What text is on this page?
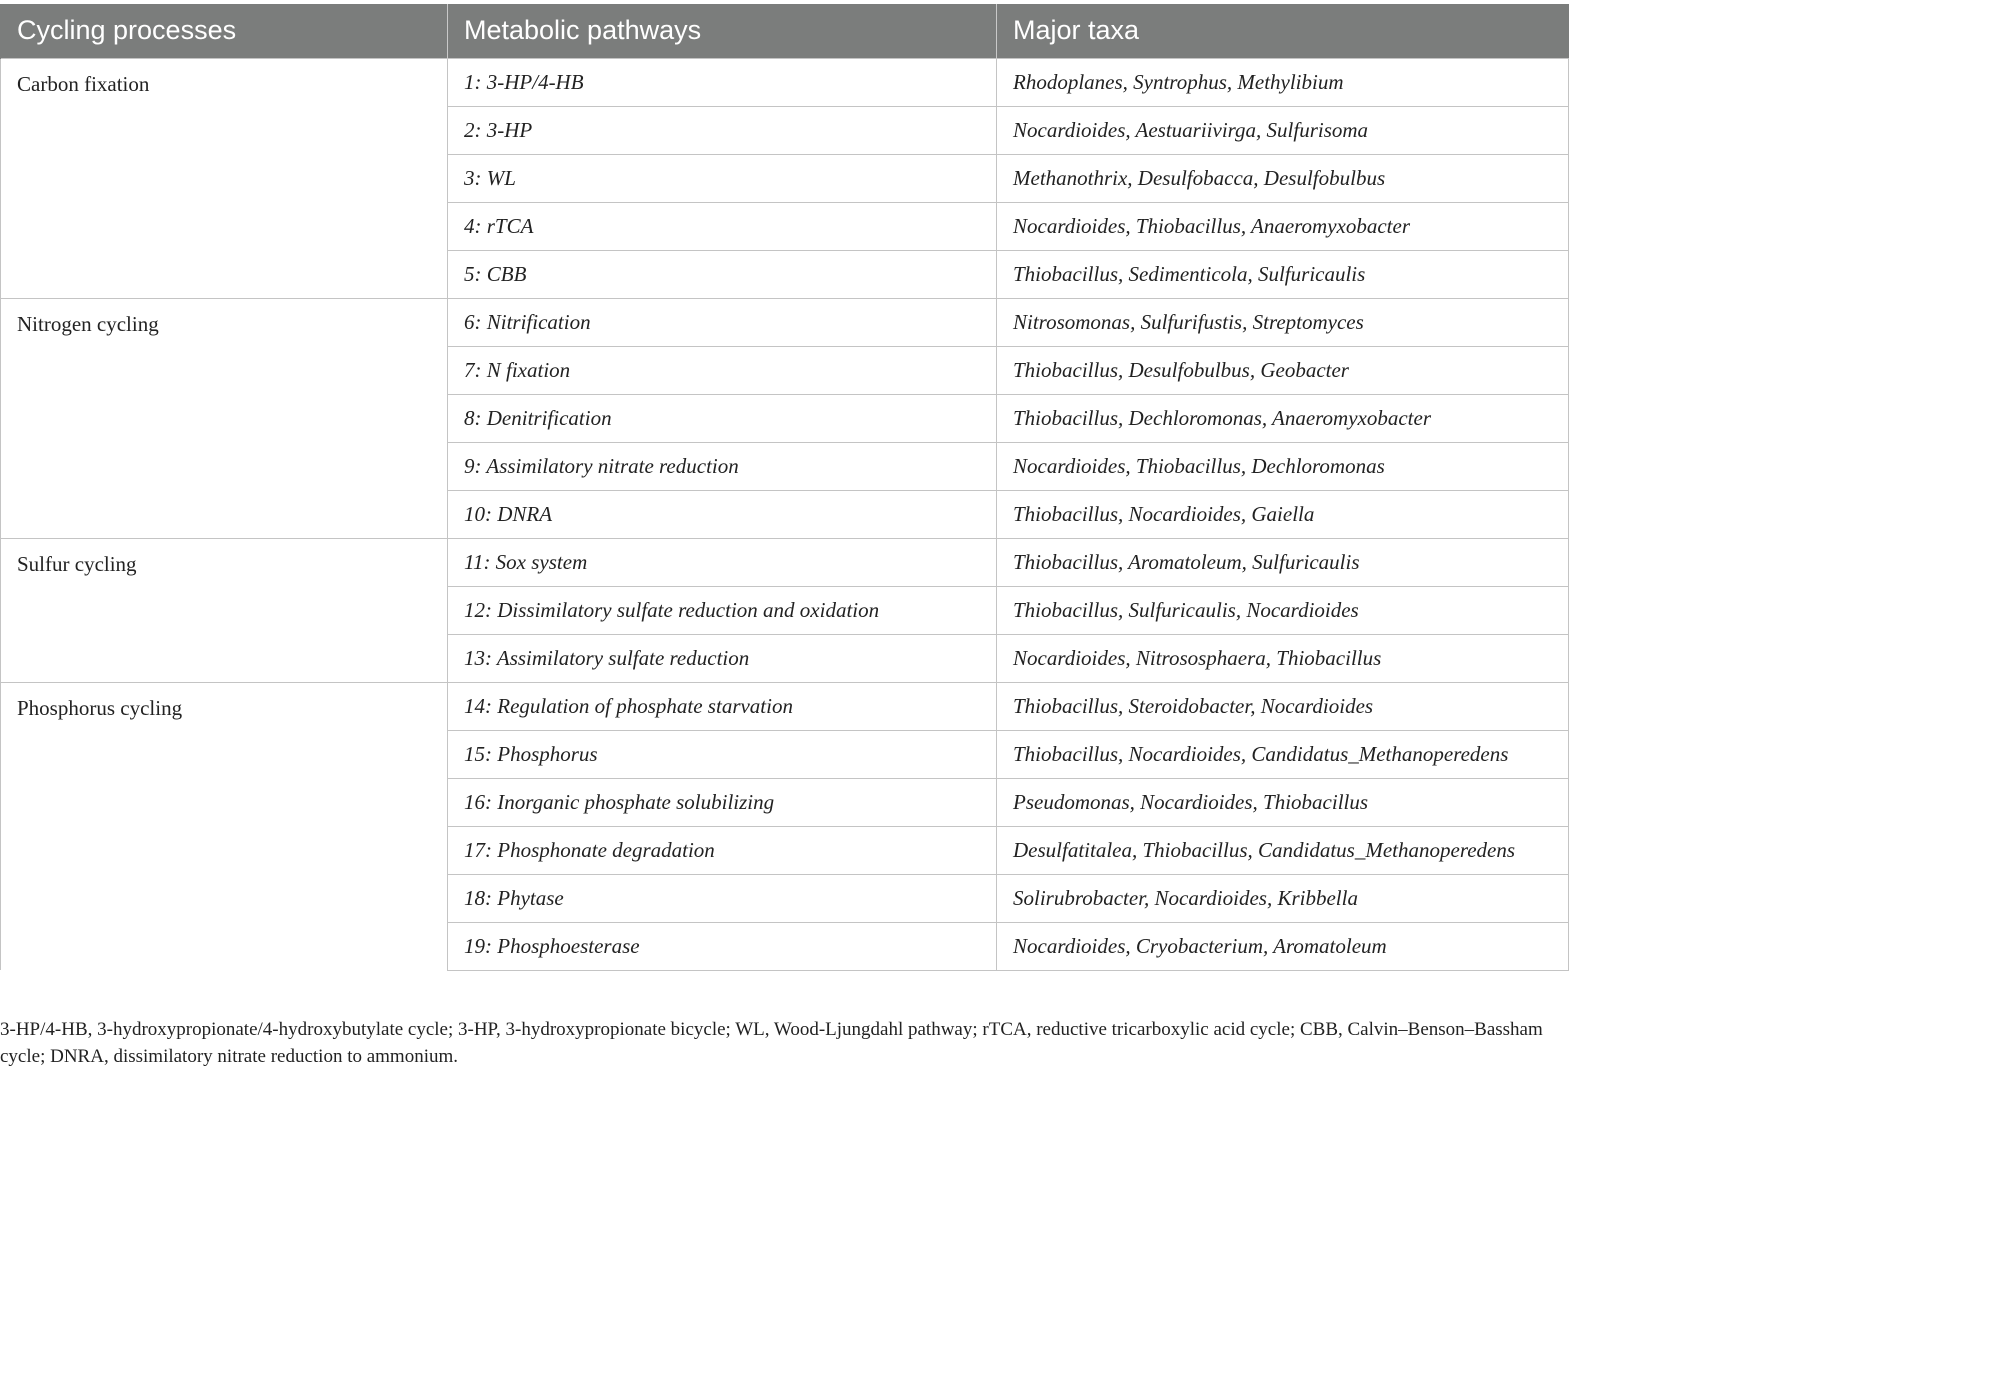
Cycling processes	Metabolic pathways	Major taxa
Carbon fixation	1: 3-HP/4-HB	Rhodoplanes, Syntrophus, Methylibium
	2: 3-HP	Nocardioides, Aestuariivirga, Sulfurisoma
	3: WL	Methanothrix, Desulfobacca, Desulfobulbus
	4: rTCA	Nocardioides, Thiobacillus, Anaeromyxobacter
	5: CBB	Thiobacillus, Sedimenticola, Sulfuricaulis
Nitrogen cycling	6: Nitrification	Nitrosomonas, Sulfurifustis, Streptomyces
	7: N fixation	Thiobacillus, Desulfobulbus, Geobacter
	8: Denitrification	Thiobacillus, Dechloromonas, Anaeromyxobacter
	9: Assimilatory nitrate reduction	Nocardioides, Thiobacillus, Dechloromonas
	10: DNRA	Thiobacillus, Nocardioides, Gaiella
Sulfur cycling	11: Sox system	Thiobacillus, Aromatoleum, Sulfuricaulis
	12: Dissimilatory sulfate reduction and oxidation	Thiobacillus, Sulfuricaulis, Nocardioides
	13: Assimilatory sulfate reduction	Nocardioides, Nitrososphaera, Thiobacillus
Phosphorus cycling	14: Regulation of phosphate starvation	Thiobacillus, Steroidobacter, Nocardioides
	15: Phosphorus	Thiobacillus, Nocardioides, Candidatus_Methanoperedens
	16: Inorganic phosphate solubilizing	Pseudomonas, Nocardioides, Thiobacillus
	17: Phosphonate degradation	Desulfatitalea, Thiobacillus, Candidatus_Methanoperedens
	18: Phytase	Solirubrobacter, Nocardioides, Kribbella
	19: Phosphoesterase	Nocardioides, Cryobacterium, Aromatoleum
3-HP/4-HB, 3-hydroxypropionate/4-hydroxybutylate cycle; 3-HP, 3-hydroxypropionate bicycle; WL, Wood-Ljungdahl pathway; rTCA, reductive tricarboxylic acid cycle; CBB, Calvin–Benson–Bassham cycle; DNRA, dissimilatory nitrate reduction to ammonium.
